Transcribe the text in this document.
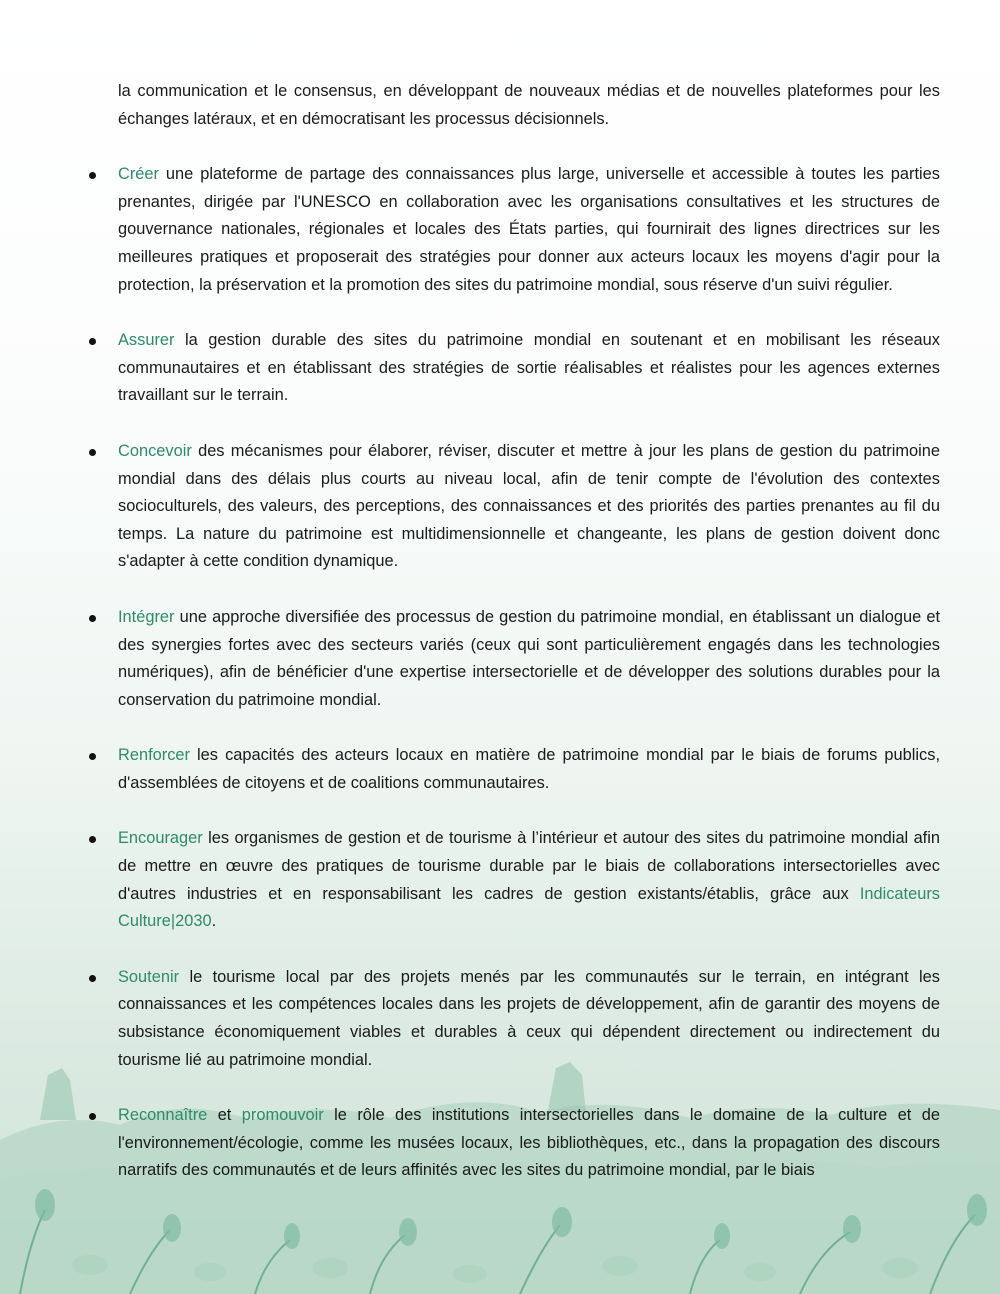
la communication et le consensus, en développant de nouveaux médias et de nouvelles plateformes pour les échanges latéraux, et en démocratisant les processus décisionnels.

Créer une plateforme de partage des connaissances plus large, universelle et accessible à toutes les parties prenantes, dirigée par l'UNESCO en collaboration avec les organisations consultatives et les structures de gouvernance nationales, régionales et locales des États parties, qui fournirait des lignes directrices sur les meilleures pratiques et proposerait des stratégies pour donner aux acteurs locaux les moyens d'agir pour la protection, la préservation et la promotion des sites du patrimoine mondial, sous réserve d'un suivi régulier.
Assurer la gestion durable des sites du patrimoine mondial en soutenant et en mobilisant les réseaux communautaires et en établissant des stratégies de sortie réalisables et réalistes pour les agences externes travaillant sur le terrain.
Concevoir des mécanismes pour élaborer, réviser, discuter et mettre à jour les plans de gestion du patrimoine mondial dans des délais plus courts au niveau local, afin de tenir compte de l'évolution des contextes socioculturels, des valeurs, des perceptions, des connaissances et des priorités des parties prenantes au fil du temps. La nature du patrimoine est multidimensionnelle et changeante, les plans de gestion doivent donc s'adapter à cette condition dynamique.
Intégrer une approche diversifiée des processus de gestion du patrimoine mondial, en établissant un dialogue et des synergies fortes avec des secteurs variés (ceux qui sont particulièrement engagés dans les technologies numériques), afin de bénéficier d'une expertise intersectorielle et de développer des solutions durables pour la conservation du patrimoine mondial.
Renforcer les capacités des acteurs locaux en matière de patrimoine mondial par le biais de forums publics, d'assemblées de citoyens et de coalitions communautaires.
Encourager les organismes de gestion et de tourisme à l’intérieur et autour des sites du patrimoine mondial afin de mettre en œuvre des pratiques de tourisme durable par le biais de collaborations intersectorielles avec d'autres industries et en responsabilisant les cadres de gestion existants/établis, grâce aux Indicateurs Culture|2030.
Soutenir le tourisme local par des projets menés par les communautés sur le terrain, en intégrant les connaissances et les compétences locales dans les projets de développement, afin de garantir des moyens de subsistance économiquement viables et durables à ceux qui dépendent directement ou indirectement du tourisme lié au patrimoine mondial.
Reconnaître et promouvoir le rôle des institutions intersectorielles dans le domaine de la culture et de l'environnement/écologie, comme les musées locaux, les bibliothèques, etc., dans la propagation des discours narratifs des communautés et de leurs affinités avec les sites du patrimoine mondial, par le biais
